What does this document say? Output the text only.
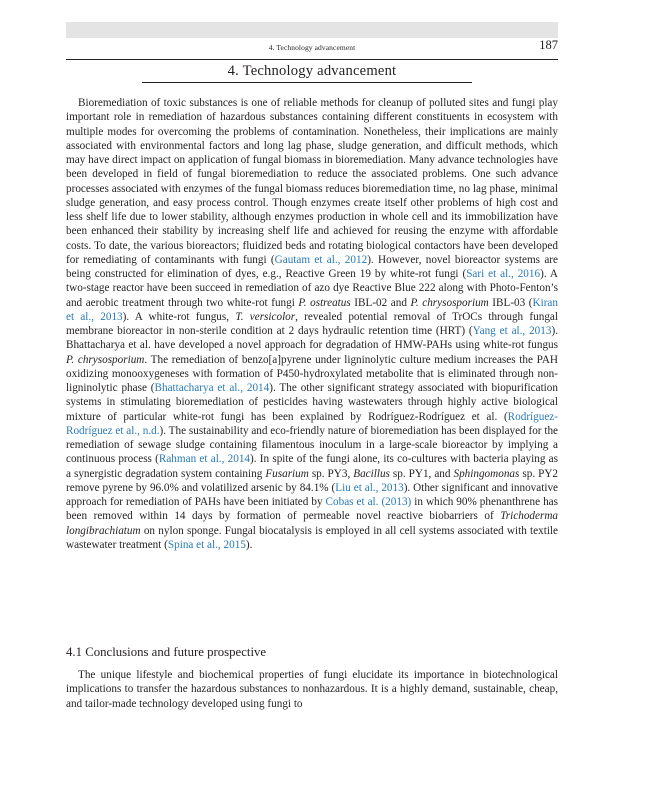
4. Technology advancement	187
4. Technology advancement

Bioremediation of toxic substances is one of reliable methods for cleanup of polluted sites and fungi play important role in remediation of hazardous substances containing different constituents in ecosystem with multiple modes for overcoming the problems of contamination. Nonetheless, their implications are mainly associated with environmental factors and long lag phase, sludge generation, and difficult methods, which may have direct impact on application of fungal biomass in bioremediation. Many advance technologies have been developed in field of fungal bioremediation to reduce the associated problems. One such advance processes associated with enzymes of the fungal biomass reduces bioremediation time, no lag phase, minimal sludge generation, and easy process control. Though enzymes create itself other problems of high cost and less shelf life due to lower stability, although enzymes production in whole cell and its immobilization have been enhanced their stability by increasing shelf life and achieved for reusing the enzyme with affordable costs. To date, the various bioreactors; fluidized beds and rotating biological contactors have been developed for remediating of contaminants with fungi (Gautam et al., 2012). However, novel bioreactor systems are being constructed for elimination of dyes, e.g., Reactive Green 19 by white-rot fungi (Sari et al., 2016). A two-stage reactor have been succeed in remediation of azo dye Reactive Blue 222 along with Photo-Fenton’s and aerobic treatment through two white-rot fungi P. ostreatus IBL-02 and P. chrysosporium IBL-03 (Kiran et al., 2013). A white-rot fungus, T. versicolor, revealed potential removal of TrOCs through fungal membrane bioreactor in non-sterile condition at 2 days hydraulic retention time (HRT) (Yang et al., 2013). Bhattacharya et al. have developed a novel approach for degradation of HMW-PAHs using white-rot fungus P. chrysosporium. The remediation of benzo[a]pyrene under ligninolytic culture medium increases the PAH oxidizing monooxygeneses with formation of P450-hydroxylated metabolite that is eliminated through non-ligninolytic phase (Bhattacharya et al., 2014). The other significant strategy associated with biopurification systems in stimulating bioremediation of pesticides having wastewaters through highly active biological mixture of particular white-rot fungi has been explained by Rodríguez-Rodríguez et al. (Rodríguez-Rodríguez et al., n.d.). The sustainability and eco-friendly nature of bioremediation has been displayed for the remediation of sewage sludge containing filamentous inoculum in a large-scale bioreactor by implying a continuous process (Rahman et al., 2014). In spite of the fungi alone, its co-cultures with bacteria playing as a synergistic degradation system containing Fusarium sp. PY3, Bacillus sp. PY1, and Sphingomonas sp. PY2 remove pyrene by 96.0% and volatilized arsenic by 84.1% (Liu et al., 2013). Other significant and innovative approach for remediation of PAHs have been initiated by Cobas et al. (2013) in which 90% phenanthrene has been removed within 14 days by formation of permeable novel reactive biobarriers of Trichoderma longibrachiatum on nylon sponge. Fungal biocatalysis is employed in all cell systems associated with textile wastewater treatment (Spina et al., 2015).

4.1 Conclusions and future prospective

The unique lifestyle and biochemical properties of fungi elucidate its importance in biotechnological implications to transfer the hazardous substances to nonhazardous. It is a highly demand, sustainable, cheap, and tailor-made technology developed using fungi to
